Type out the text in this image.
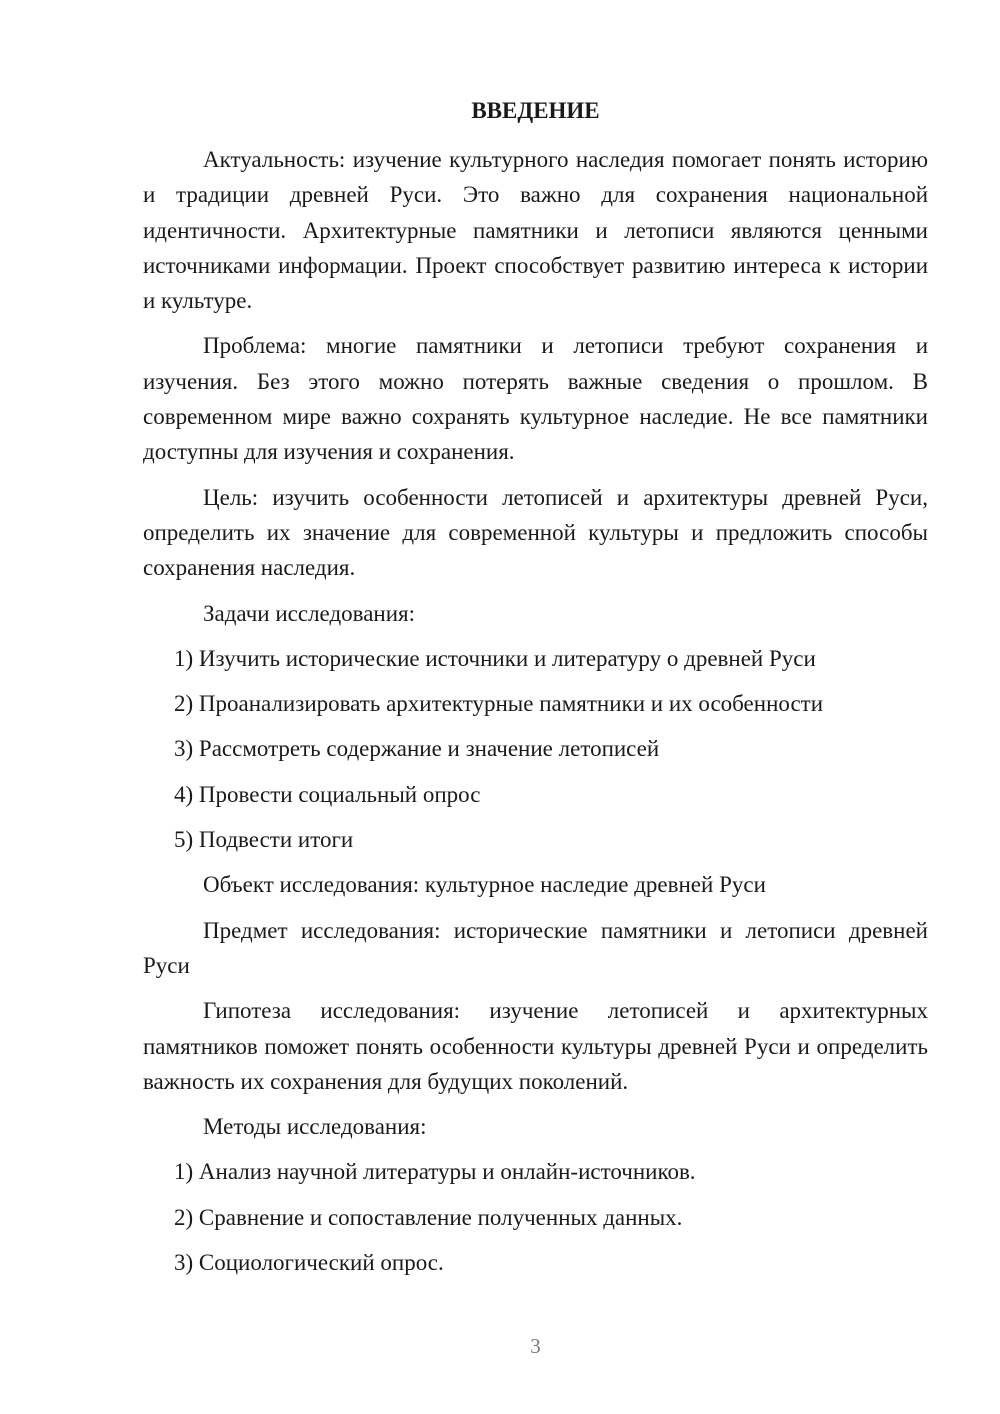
ВВЕДЕНИЕ

Актуальность: изучение культурного наследия помогает понять историю и традиции древней Руси. Это важно для сохранения национальной идентичности. Архитектурные памятники и летописи являются ценными источниками информации. Проект способствует развитию интереса к истории и культуре.

Проблема: многие памятники и летописи требуют сохранения и изучения. Без этого можно потерять важные сведения о прошлом. В современном мире важно сохранять культурное наследие. Не все памятники доступны для изучения и сохранения.

Цель: изучить особенности летописей и архитектуры древней Руси, определить их значение для современной культуры и предложить способы сохранения наследия.

Задачи исследования:

1) Изучить исторические источники и литературу о древней Руси
2) Проанализировать архитектурные памятники и их особенности
3) Рассмотреть содержание и значение летописей
4) Провести социальный опрос
5) Подвести итоги

Объект исследования: культурное наследие древней Руси

Предмет исследования: исторические памятники и летописи древней Руси

Гипотеза исследования: изучение летописей и архитектурных памятников поможет понять особенности культуры древней Руси и определить важность их сохранения для будущих поколений.

Методы исследования:

1) Анализ научной литературы и онлайн-источников.
2) Сравнение и сопоставление полученных данных.
3) Социологический опрос.
3
